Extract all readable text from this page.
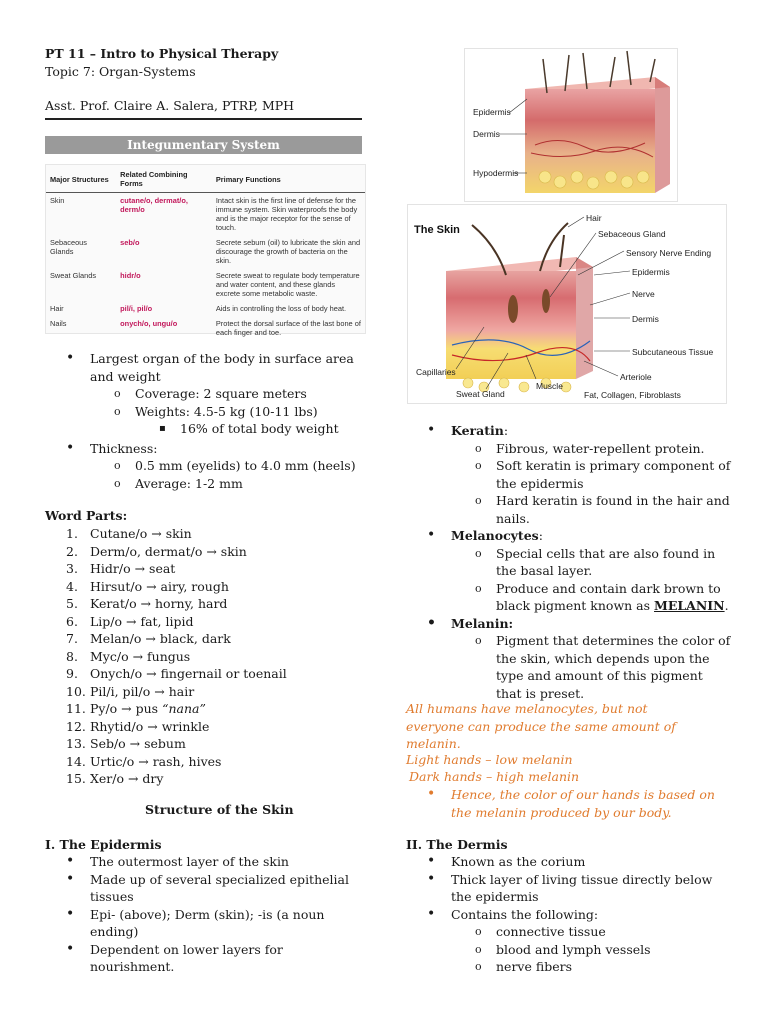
PT 11 – Intro to Physical Therapy
Topic 7: Organ-Systems
Asst. Prof. Claire A. Salera, PTRP, MPH
Integumentary System
Major Structures	Related Combining Forms	Primary Functions
Skin	cutane/o, dermat/o, derm/o	Intact skin is the first line of defense for the immune system. Skin waterproofs the body and is the major receptor for the sense of touch.
Sebaceous Glands	seb/o	Secrete sebum (oil) to lubricate the skin and discourage the growth of bacteria on the skin.
Sweat Glands	hidr/o	Secrete sweat to regulate body temperature and water content, and these glands excrete some metabolic waste.
Hair	pil/i, pil/o	Aids in controlling the loss of body heat.
Nails	onych/o, ungu/o	Protect the dorsal surface of the last bone of each finger and toe.
• Largest organ of the body in surface area and weight
o Coverage: 2 square meters
o Weights: 4.5-5 kg (10-11 lbs)
▪ 16% of total body weight
• Thickness:
o 0.5 mm (eyelids) to 4.0 mm (heels)
o Average: 1-2 mm
Word Parts:
1. Cutane/o → skin
2. Derm/o, dermat/o → skin
3. Hidr/o → seat
4. Hirsut/o → airy, rough
5. Kerat/o → horny, hard
6. Lip/o → fat, lipid
7. Melan/o → black, dark
8. Myc/o → fungus
9. Onych/o → fingernail or toenail
10. Pil/i, pil/o → hair
11. Py/o → pus “nana”
12. Rhytid/o → wrinkle
13. Seb/o → sebum
14. Urtic/o → rash, hives
15. Xer/o → dry
Structure of the Skin
I. The Epidermis
• The outermost layer of the skin
• Made up of several specialized epithelial tissues
• Epi- (above); Derm (skin); -is (a noun ending)
• Dependent on lower layers for nourishment.
Epidermis
Dermis
Hypodermis
The Skin
Hair
Sebaceous Gland
Sensory Nerve Ending
Epidermis
Nerve
Dermis
Subcutaneous Tissue
Arteriole
Fat, Collagen, Fibroblasts
Muscle
Sweat Gland
Capillaries
• Keratin:
o Fibrous, water-repellent protein.
o Soft keratin is primary component of the epidermis
o Hard keratin is found in the hair and nails.
• Melanocytes:
o Special cells that are also found in the basal layer.
o Produce and contain dark brown to black pigment known as MELANIN.
• Melanin:
o Pigment that determines the color of the skin, which depends upon the type and amount of this pigment that is preset.
All humans have melanocytes, but not everyone can produce the same amount of melanin.
Light hands – low melanin
Dark hands – high melanin
• Hence, the color of our hands is based on the melanin produced by our body.
II. The Dermis
• Known as the corium
• Thick layer of living tissue directly below the epidermis
• Contains the following:
o connective tissue
o blood and lymph vessels
o nerve fibers
